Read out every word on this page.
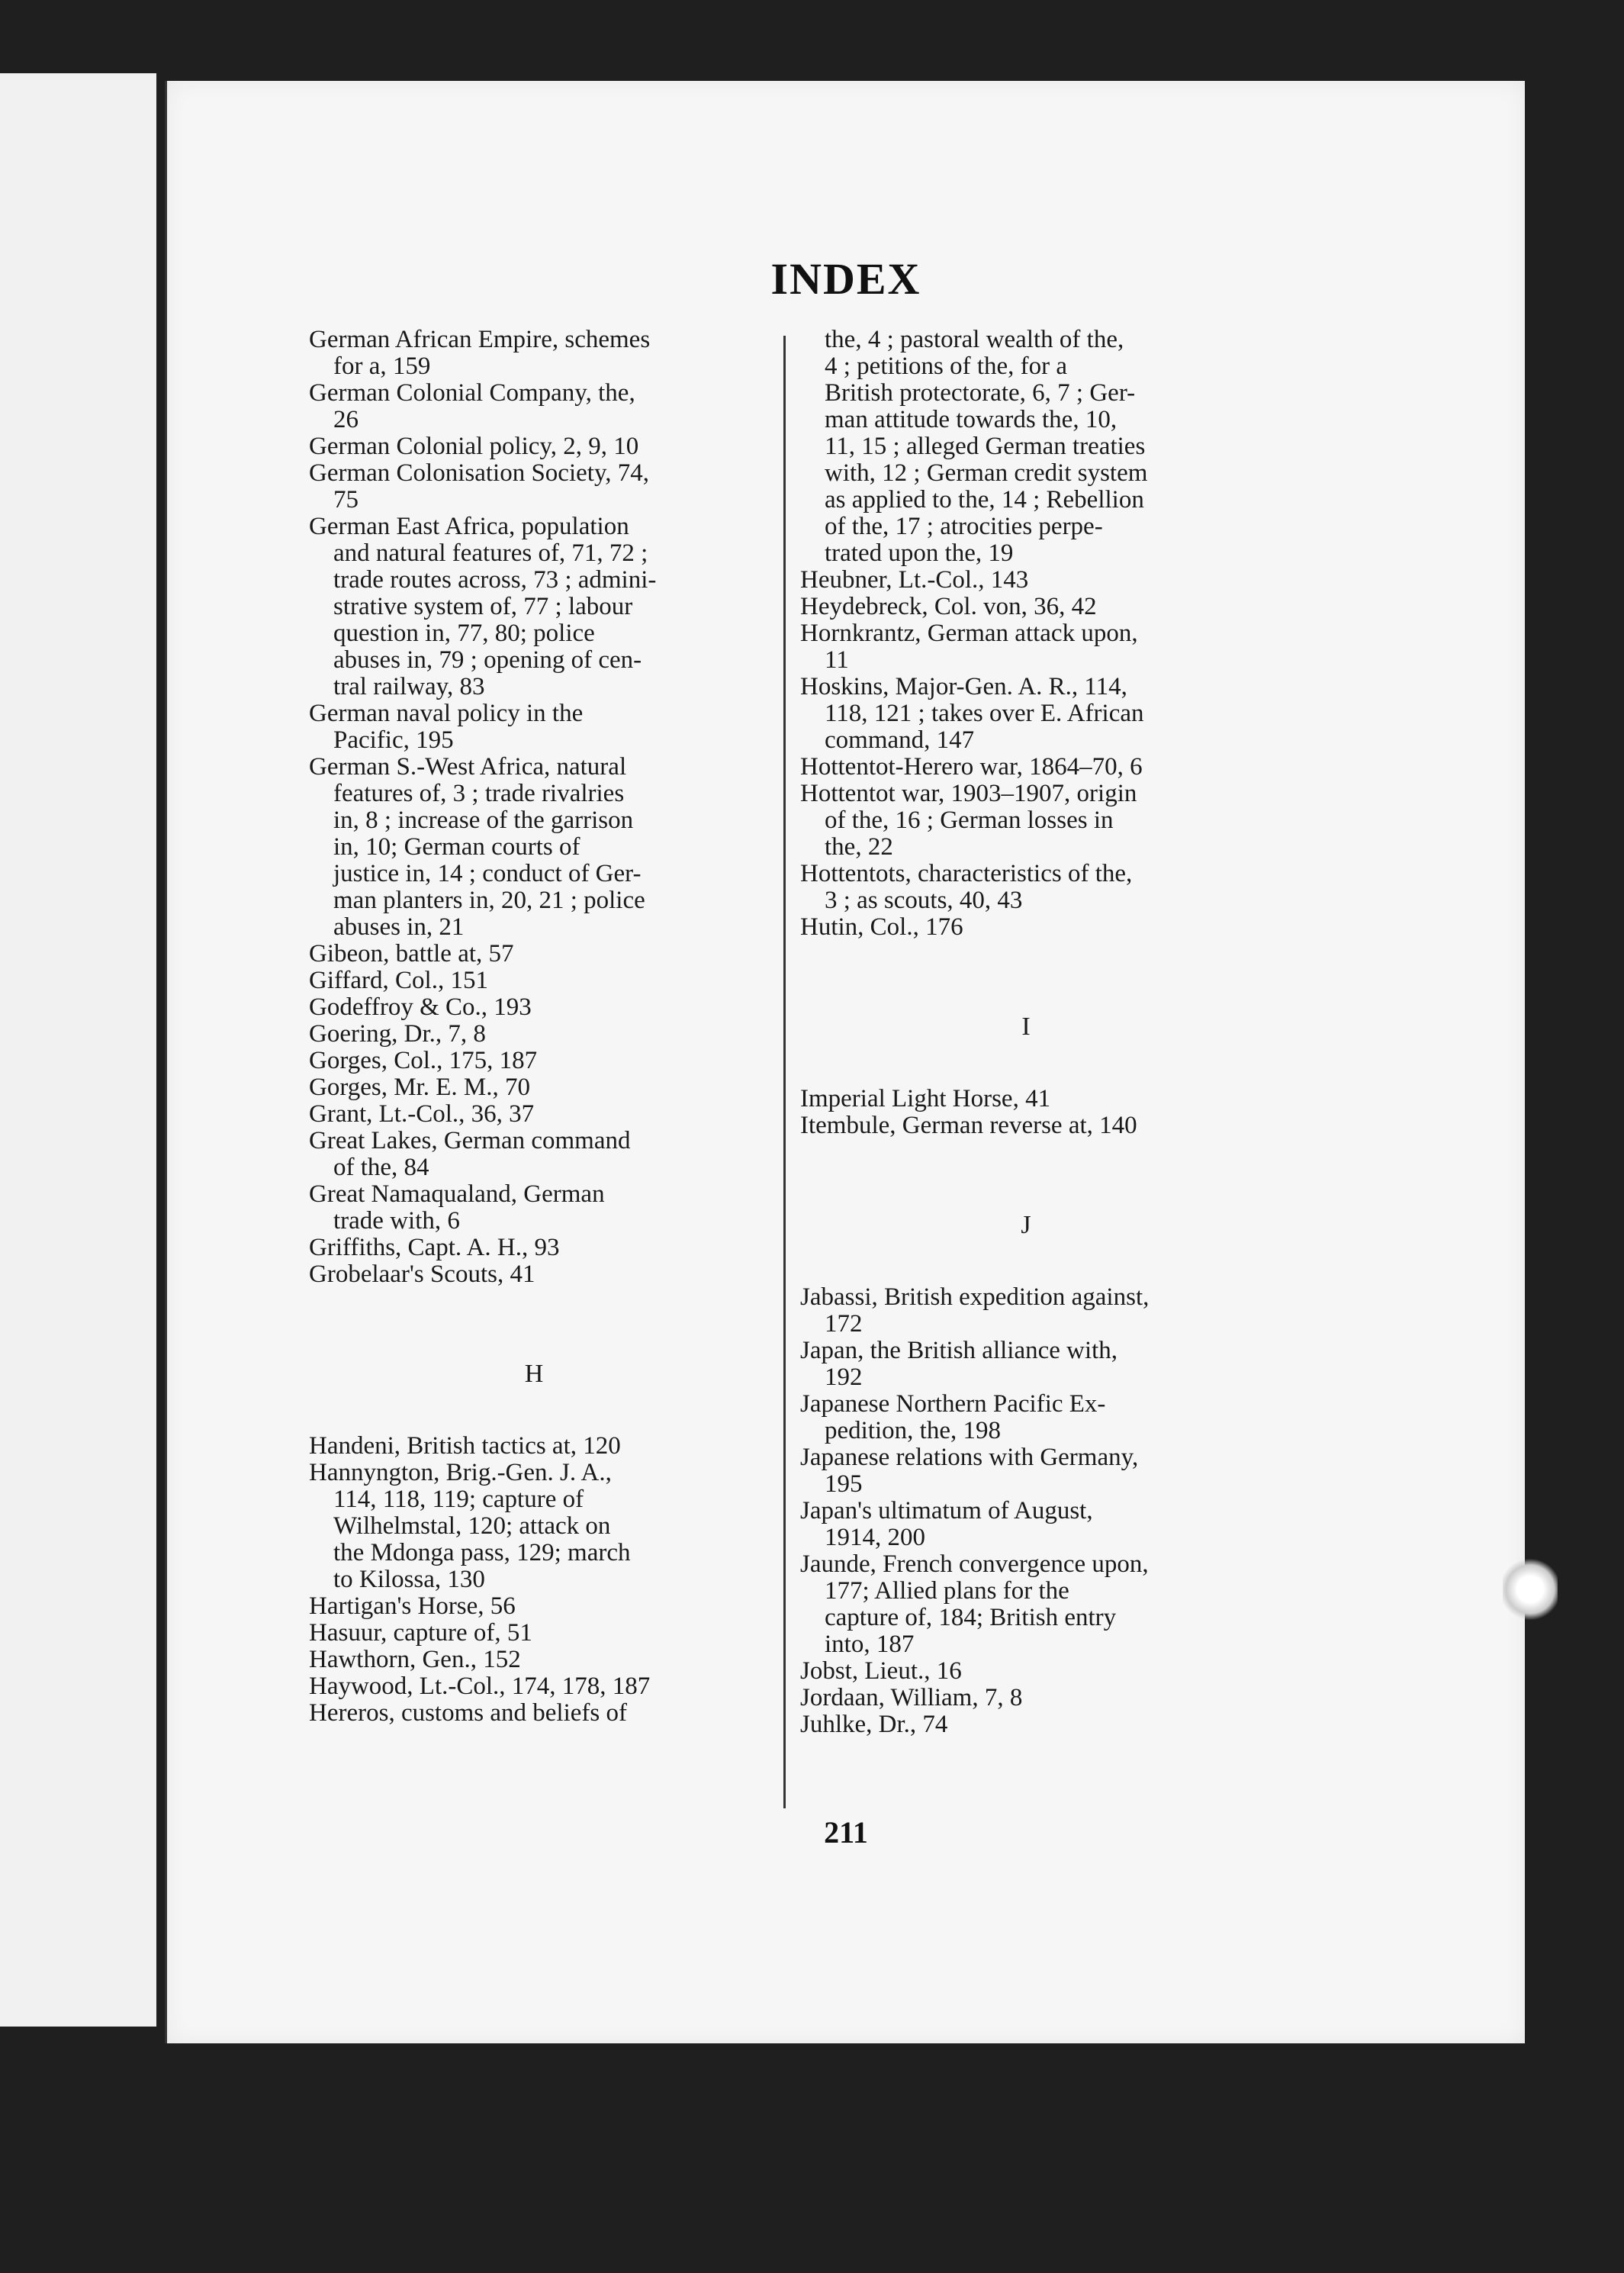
INDEX

German African Empire, schemes
for a, 159

German Colonial Company, the,
26

German Colonial policy, 2, 9, 10

German Colonisation Society, 74,
75

German East Africa, population
and natural features of, 71, 72 ;
trade routes across, 73 ; admini-
strative system of, 77 ; labour
question in, 77, 80; police
abuses in, 79 ; opening of cen-
tral railway, 83

German naval policy in the
Pacific, 195

German S.-West Africa, natural
features of, 3 ; trade rivalries
in, 8 ; increase of the garrison
in, 10; German courts of
justice in, 14 ; conduct of Ger-
man planters in, 20, 21 ; police
abuses in, 21

Gibeon, battle at, 57

Giffard, Col., 151

Godeffroy & Co., 193

Goering, Dr., 7, 8

Gorges, Col., 175, 187

Gorges, Mr. E. M., 70

Grant, Lt.-Col., 36, 37

Great Lakes, German command
of the, 84

Great Namaqualand, German
trade with, 6

Griffiths, Capt. A. H., 93

Grobelaar's Scouts, 41

H

Handeni, British tactics at, 120

Hannyngton, Brig.-Gen. J. A.,
114, 118, 119; capture of
Wilhelmstal, 120; attack on
the Mdonga pass, 129; march
to Kilossa, 130

Hartigan's Horse, 56

Hasuur, capture of, 51

Hawthorn, Gen., 152

Haywood, Lt.-Col., 174, 178, 187

Hereros, customs and beliefs of

the, 4 ; pastoral wealth of the,
4 ; petitions of the, for a
British protectorate, 6, 7 ; Ger-
man attitude towards the, 10,
11, 15 ; alleged German treaties
with, 12 ; German credit system
as applied to the, 14 ; Rebellion
of the, 17 ; atrocities perpe-
trated upon the, 19

Heubner, Lt.-Col., 143

Heydebreck, Col. von, 36, 42

Hornkrantz, German attack upon,
11

Hoskins, Major-Gen. A. R., 114,
118, 121 ; takes over E. African
command, 147

Hottentot-Herero war, 1864–70, 6

Hottentot war, 1903–1907, origin
of the, 16 ; German losses in
the, 22

Hottentots, characteristics of the,
3 ; as scouts, 40, 43

Hutin, Col., 176

I

Imperial Light Horse, 41

Itembule, German reverse at, 140

J

Jabassi, British expedition against,
172

Japan, the British alliance with,
192

Japanese Northern Pacific Ex-
pedition, the, 198

Japanese relations with Germany,
195

Japan's ultimatum of August,
1914, 200

Jaunde, French convergence upon,
177; Allied plans for the
capture of, 184; British entry
into, 187

Jobst, Lieut., 16

Jordaan, William, 7, 8

Juhlke, Dr., 74

211
